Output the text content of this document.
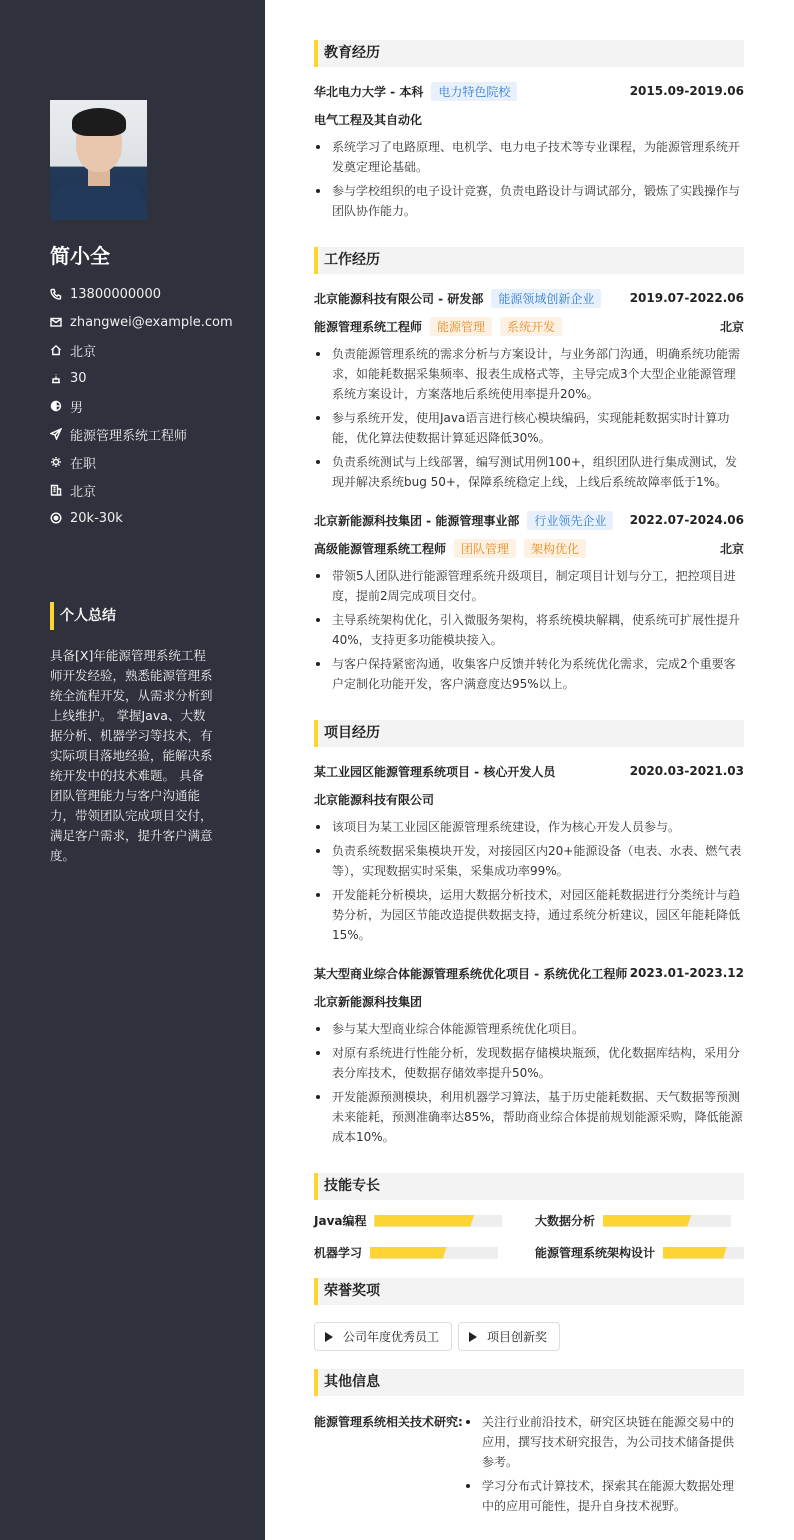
简小全
13800000000
zhangwei@example.com
北京
30
男
能源管理系统工程师
在职
北京
20k-30k
个人总结
具备[X]年能源管理系统工程师开发经验，熟悉能源管理系统全流程开发，从需求分析到上线维护。 掌握Java、大数据分析、机器学习等技术，有实际项目落地经验，能解决系统开发中的技术难题。 具备团队管理能力与客户沟通能力，带领团队完成项目交付，满足客户需求，提升客户满意度。
教育经历
华北电力大学 - 本科	电力特色院校	2015.09-2019.06
电气工程及其自动化
系统学习了电路原理、电机学、电力电子技术等专业课程，为能源管理系统开发奠定理论基础。
参与学校组织的电子设计竞赛，负责电路设计与调试部分，锻炼了实践操作与团队协作能力。
工作经历
北京能源科技有限公司 - 研发部	能源领域创新企业	2019.07-2022.06
能源管理系统工程师	能源管理	系统开发	北京
负责能源管理系统的需求分析与方案设计，与业务部门沟通，明确系统功能需求，如能耗数据采集频率、报表生成格式等，主导完成3个大型企业能源管理系统方案设计，方案落地后系统使用率提升20%。
参与系统开发，使用Java语言进行核心模块编码，实现能耗数据实时计算功能，优化算法使数据计算延迟降低30%。
负责系统测试与上线部署，编写测试用例100+，组织团队进行集成测试，发现并解决系统bug 50+，保障系统稳定上线，上线后系统故障率低于1%。
北京新能源科技集团 - 能源管理事业部	行业领先企业	2022.07-2024.06
高级能源管理系统工程师	团队管理	架构优化	北京
带领5人团队进行能源管理系统升级项目，制定项目计划与分工，把控项目进度，提前2周完成项目交付。
主导系统架构优化，引入微服务架构，将系统模块解耦，使系统可扩展性提升40%，支持更多功能模块接入。
与客户保持紧密沟通，收集客户反馈并转化为系统优化需求，完成2个重要客户定制化功能开发，客户满意度达95%以上。
项目经历
某工业园区能源管理系统项目 - 核心开发人员	2020.03-2021.03
北京能源科技有限公司
该项目为某工业园区能源管理系统建设，作为核心开发人员参与。
负责系统数据采集模块开发，对接园区内20+能源设备（电表、水表、燃气表等），实现数据实时采集，采集成功率99%。
开发能耗分析模块，运用大数据分析技术，对园区能耗数据进行分类统计与趋势分析，为园区节能改造提供数据支持，通过系统分析建议，园区年能耗降低15%。
某大型商业综合体能源管理系统优化项目 - 系统优化工程师 2023.01-2023.12
北京新能源科技集团
参与某大型商业综合体能源管理系统优化项目。
对原有系统进行性能分析，发现数据存储模块瓶颈，优化数据库结构，采用分表分库技术，使数据存储效率提升50%。
开发能源预测模块，利用机器学习算法，基于历史能耗数据、天气数据等预测未来能耗，预测准确率达85%，帮助商业综合体提前规划能源采购，降低能源成本10%。
技能专长
Java编程	大数据分析
机器学习	能源管理系统架构设计
荣誉奖项
公司年度优秀员工	项目创新奖
其他信息
能源管理系统相关技术研究:	关注行业前沿技术，研究区块链在能源交易中的应用，撰写技术研究报告，为公司技术储备提供参考。
学习分布式计算技术，探索其在能源大数据处理中的应用可能性，提升自身技术视野。
